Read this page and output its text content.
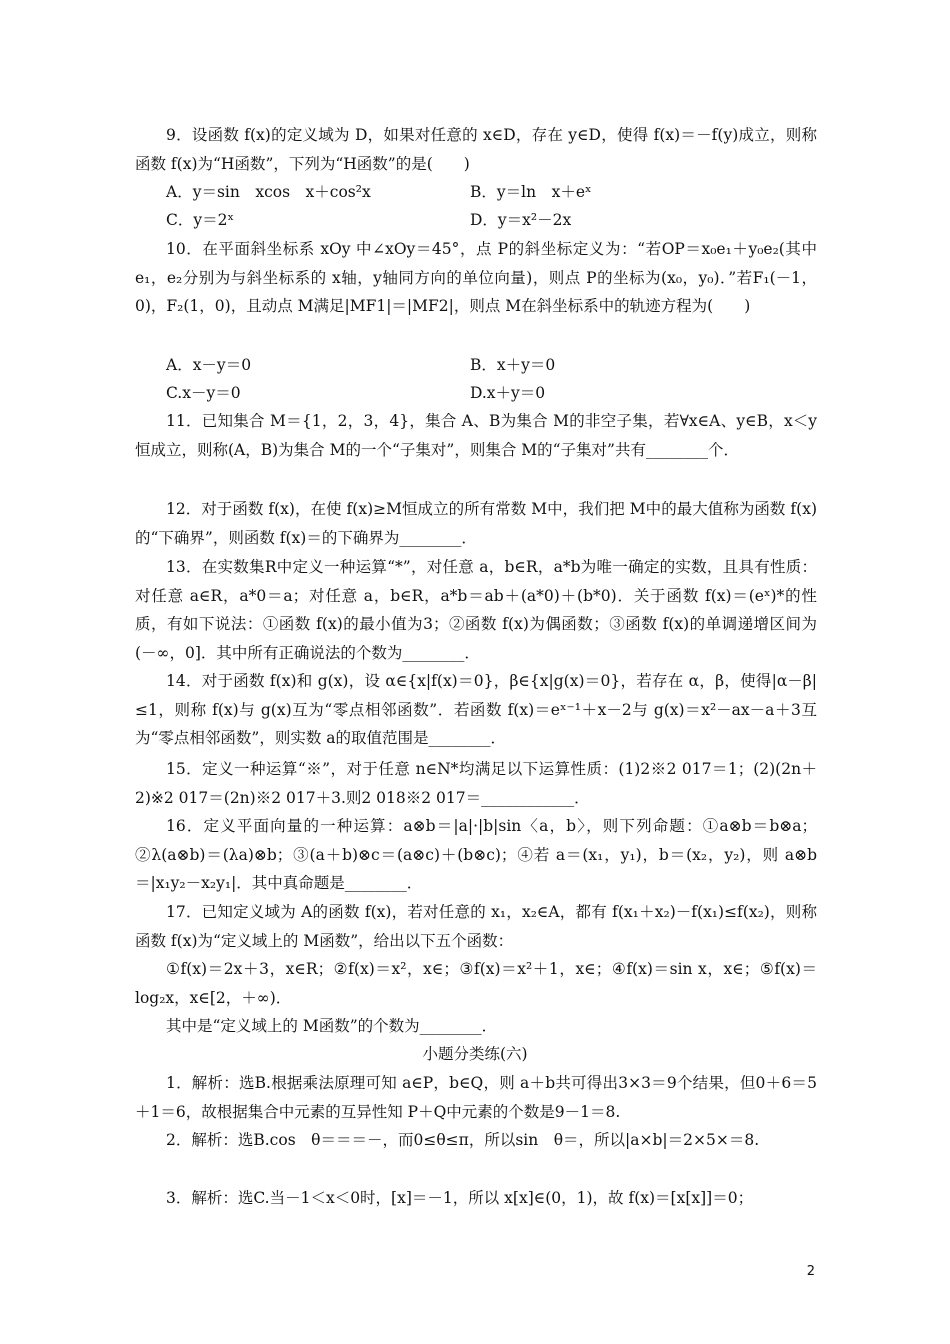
9．设函数 f(x)的定义域为 D，如果对任意的 x∈D，存在 y∈D，使得 f(x)＝－f(y)成立，则称函数 f(x)为“H函数”，下列为“H函数”的是(　　)
A．y＝sin　xcos　x＋cos²x	B．y＝ln　x＋eˣ
C．y＝2ˣ	D．y＝x²－2x
10．在平面斜坐标系 xOy 中∠xOy＝45°，点 P的斜坐标定义为：“若OP＝x₀e₁＋y₀e₂(其中 e₁，e₂分别为与斜坐标系的 x轴，y轴同方向的单位向量)，则点 P的坐标为(x₀，y₀)．”若F₁(－1，0)，F₂(1，0)，且动点 M满足|MF1|＝|MF2|，则点 M在斜坐标系中的轨迹方程为(　　)
A．x－y＝0	B．x＋y＝0
C.x－y＝0	D.x＋y＝0
11．已知集合 M＝{1，2，3，4}，集合 A、B为集合 M的非空子集，若∀x∈A、y∈B，x＜y恒成立，则称(A，B)为集合 M的一个“子集对”，则集合 M的“子集对”共有________个．
12．对于函数 f(x)，在使 f(x)≥M恒成立的所有常数 M中，我们把 M中的最大值称为函数 f(x)的“下确界”，则函数 f(x)＝的下确界为________．
13．在实数集R中定义一种运算“*”，对任意 a，b∈R，a*b为唯一确定的实数，且具有性质：对任意 a∈R，a*0＝a；对任意 a，b∈R，a*b＝ab＋(a*0)＋(b*0)．关于函数 f(x)＝(eˣ)*的性质，有如下说法：①函数 f(x)的最小值为3；②函数 f(x)为偶函数；③函数 f(x)的单调递增区间为(－∞，0]．其中所有正确说法的个数为________．
14．对于函数 f(x)和 g(x)，设 α∈{x|f(x)＝0}，β∈{x|g(x)＝0}，若存在 α，β，使得|α－β|≤1，则称 f(x)与 g(x)互为“零点相邻函数”．若函数 f(x)＝eˣ⁻¹＋x－2与 g(x)＝x²－ax－a＋3互为“零点相邻函数”，则实数 a的取值范围是________．
15．定义一种运算“※”，对于任意 n∈N*均满足以下运算性质：(1)2※2 017＝1；(2)(2n＋2)※2 017＝(2n)※2 017＋3.则2 018※2 017＝____________．
16．定义平面向量的一种运算：a⊗b＝|a|·|b|sin〈a，b〉，则下列命题：①a⊗b＝b⊗a；②λ(a⊗b)＝(λa)⊗b；③(a＋b)⊗c＝(a⊗c)＋(b⊗c)；④若 a＝(x₁，y₁)，b＝(x₂，y₂)，则 a⊗b＝|x₁y₂－x₂y₁|．其中真命题是________．
17．已知定义域为 A的函数 f(x)，若对任意的 x₁，x₂∈A，都有 f(x₁＋x₂)－f(x₁)≤f(x₂)，则称函数 f(x)为“定义域上的 M函数”，给出以下五个函数：
①f(x)＝2x＋3，x∈R；②f(x)＝x²，x∈；③f(x)＝x²＋1，x∈；④f(x)＝sin x，x∈；⑤f(x)＝log₂x，x∈[2，＋∞)．
其中是“定义域上的 M函数”的个数为________．
小题分类练(六)
1．解析：选B.根据乘法原理可知 a∈P，b∈Q，则 a＋b共可得出3×3＝9个结果，但0＋6＝5＋1＝6，故根据集合中元素的互异性知 P＋Q中元素的个数是9－1＝8.
2．解析：选B.cos　θ＝＝＝－，而0≤θ≤π，所以sin　θ＝，所以|a×b|＝2×5×＝8.
3．解析：选C.当－1＜x＜0时，[x]＝－1，所以 x[x]∈(0，1)，故 f(x)＝[x[x]]＝0；
2
